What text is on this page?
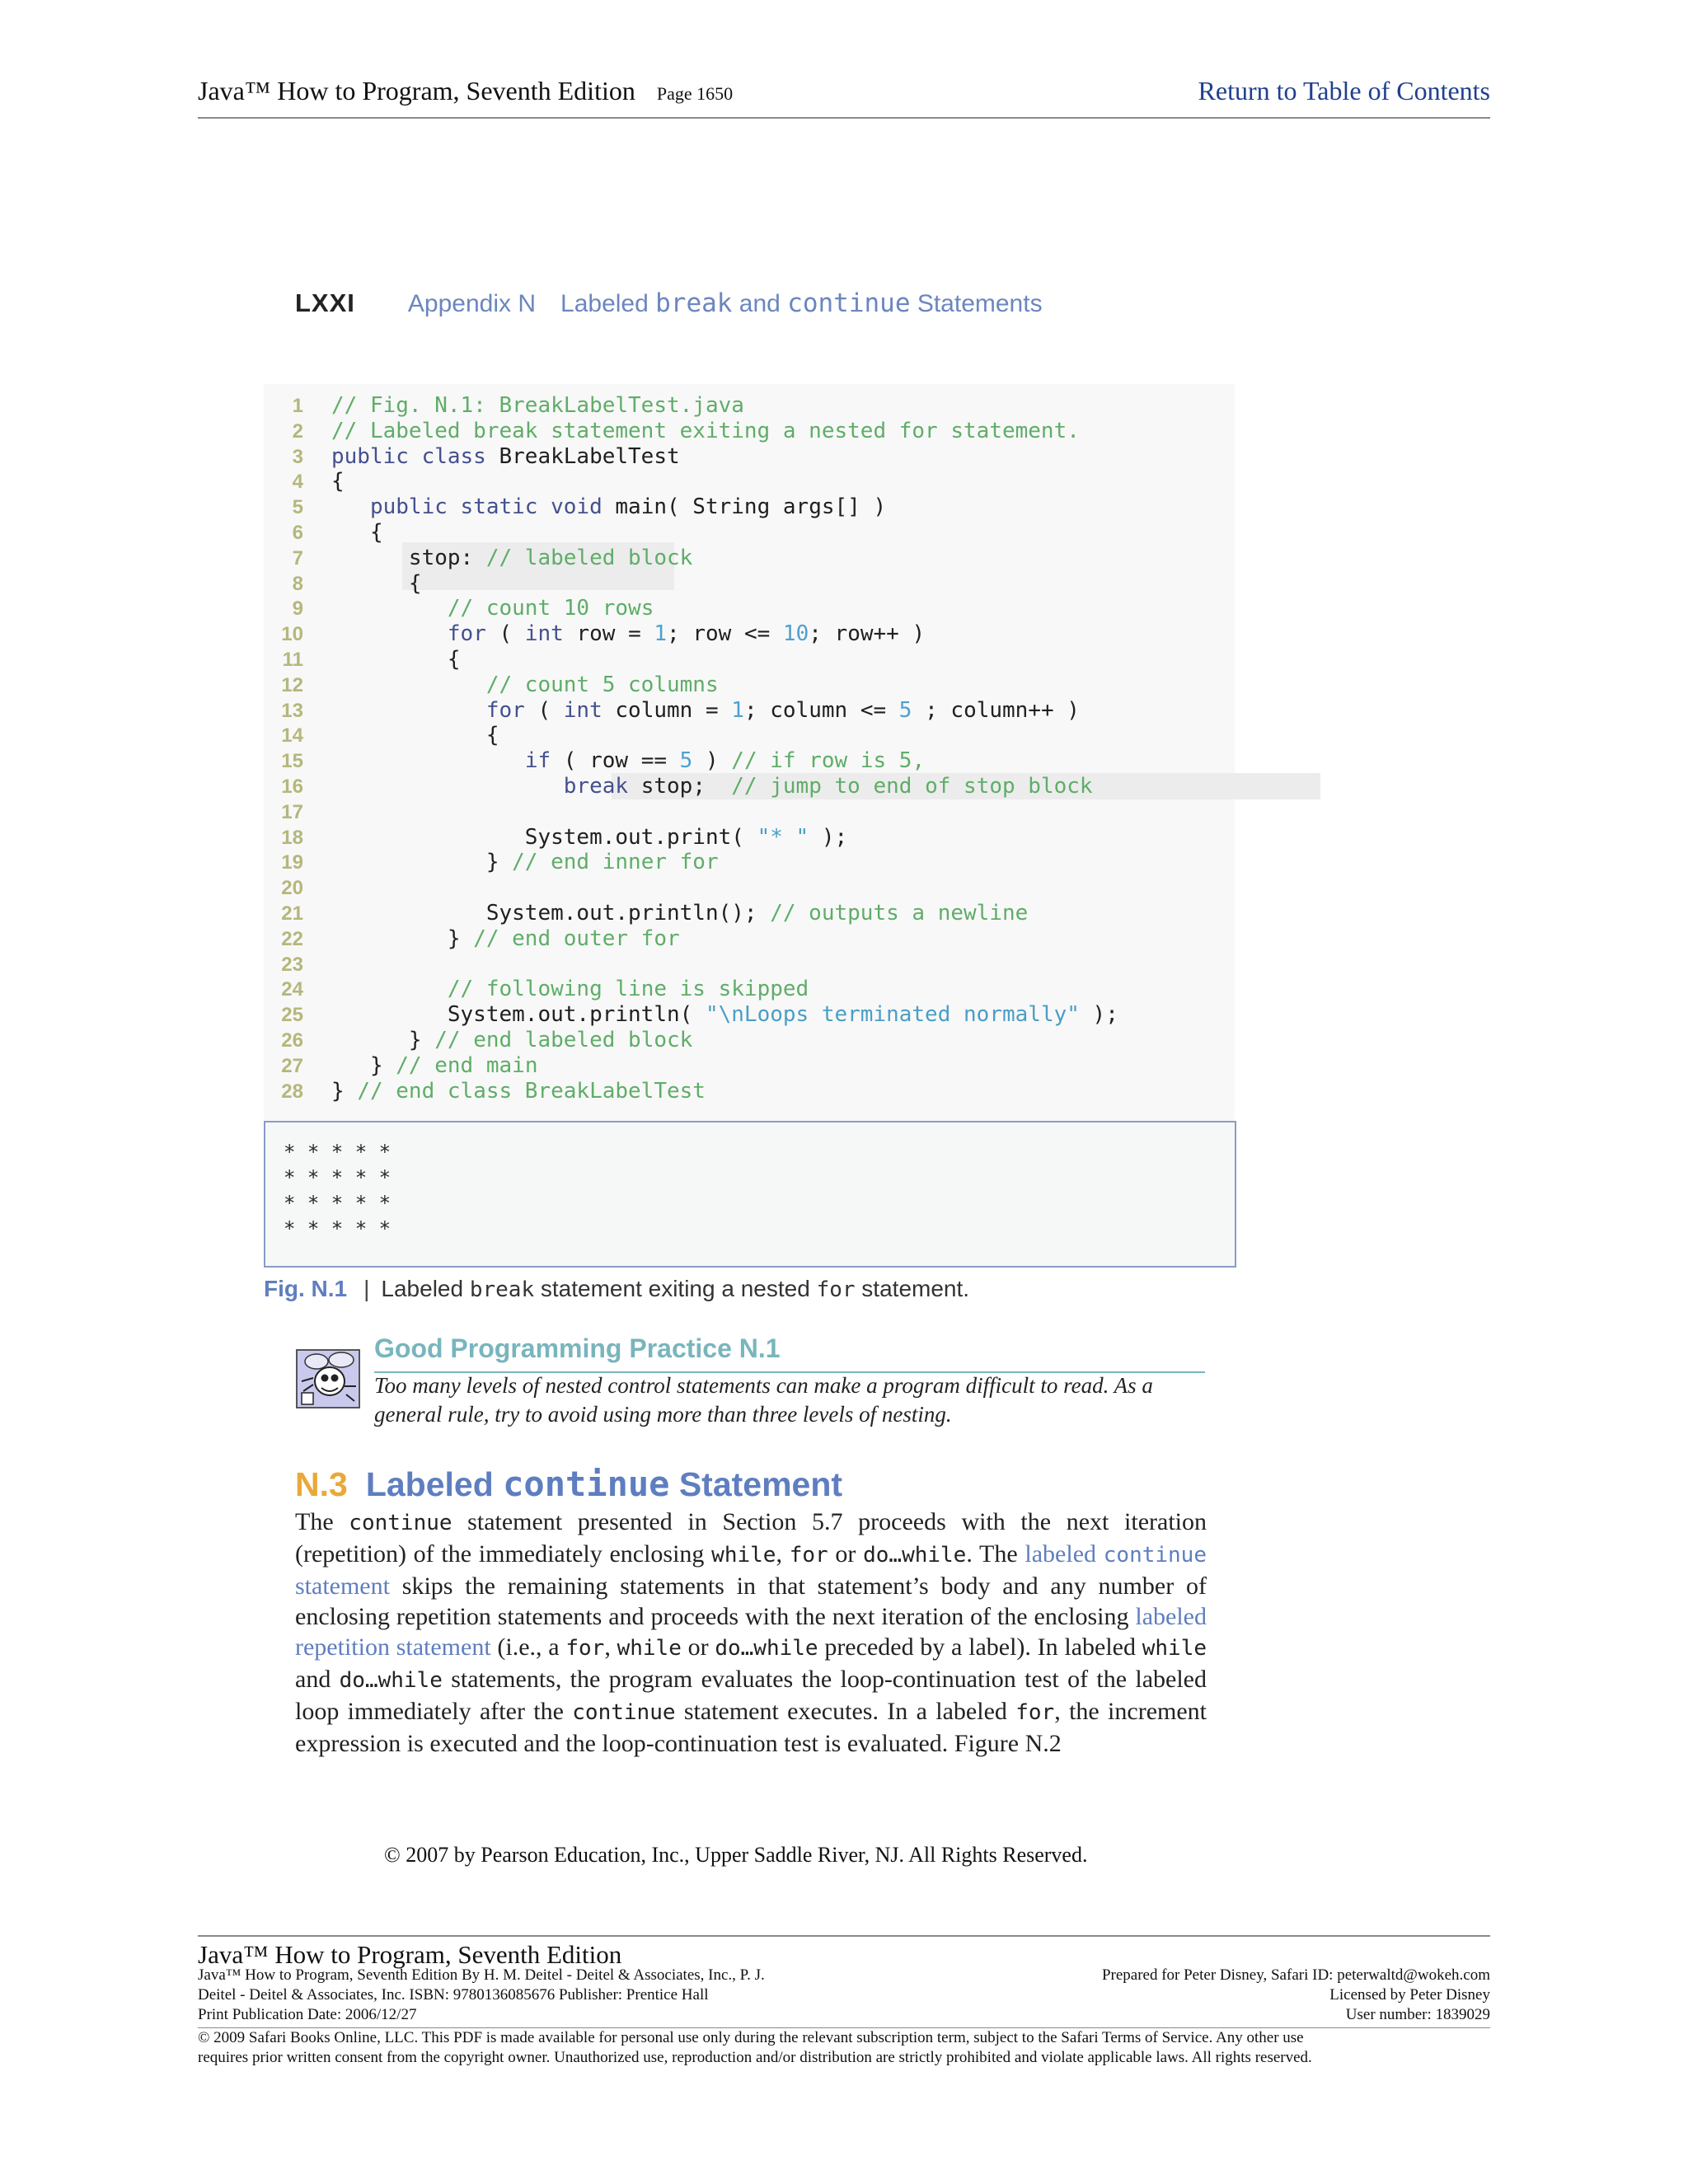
Java™ How to Program, Seventh Edition Page 1650	Return to Table of Contents
LXXI Appendix N Labeled break and continue Statements
1 // Fig. N.1: BreakLabelTest.java
2 // Labeled break statement exiting a nested for statement.
3 public class BreakLabelTest
4 {
5	public static void main( String args[] )
6 {
7 stop: // labeled block
8 {
9	// count 10 rows
10	for ( int row = 1; row <= 10; row++ )
11 {
12	// count 5 columns
13	for ( int column = 1; column <= 5 ; column++ )
14 {
15	if ( row == 5 ) // if row is 5,
16	break stop;  // jump to end of stop block
17
18 System.out.print( "* " );
19 } // end inner for
20
21 System.out.println(); // outputs a newline
22 } // end outer for
23
24	// following line is skipped
25 System.out.println( "\nLoops terminated normally" );
26 } // end labeled block
27 } // end main
28 } // end class BreakLabelTest
* * * * *
* * * * *
* * * * *
* * * * *
Fig. N.1 | Labeled break statement exiting a nested for statement.
Good Programming Practice N.1
Too many levels of nested control statements can make a program difficult to read. As a general rule, try to avoid using more than three levels of nesting.
N.3 Labeled continue Statement
The continue statement presented in Section 5.7 proceeds with the next iteration (repetition) of the immediately enclosing while, for or do…while. The labeled continue statement skips the remaining statements in that statement’s body and any number of enclosing repetition statements and proceeds with the next iteration of the enclosing labeled repetition statement (i.e., a for, while or do…while preceded by a label). In labeled while and do…while statements, the program evaluates the loop-continuation test of the labeled loop immediately after the continue statement executes. In a labeled for, the increment expression is executed and the loop-continuation test is evaluated. Figure N.2
© 2007 by Pearson Education, Inc., Upper Saddle River, NJ. All Rights Reserved.
Java™ How to Program, Seventh Edition
Java™ How to Program, Seventh Edition By H. M. Deitel - Deitel & Associates, Inc., P. J.
Deitel - Deitel & Associates, Inc. ISBN: 9780136085676 Publisher: Prentice Hall
Print Publication Date: 2006/12/27
Prepared for Peter Disney, Safari ID: peterwaltd@wokeh.com
Licensed by Peter Disney
User number: 1839029
© 2009 Safari Books Online, LLC. This PDF is made available for personal use only during the relevant subscription term, subject to the Safari Terms of Service. Any other use
requires prior written consent from the copyright owner. Unauthorized use, reproduction and/or distribution are strictly prohibited and violate applicable laws. All rights reserved.
